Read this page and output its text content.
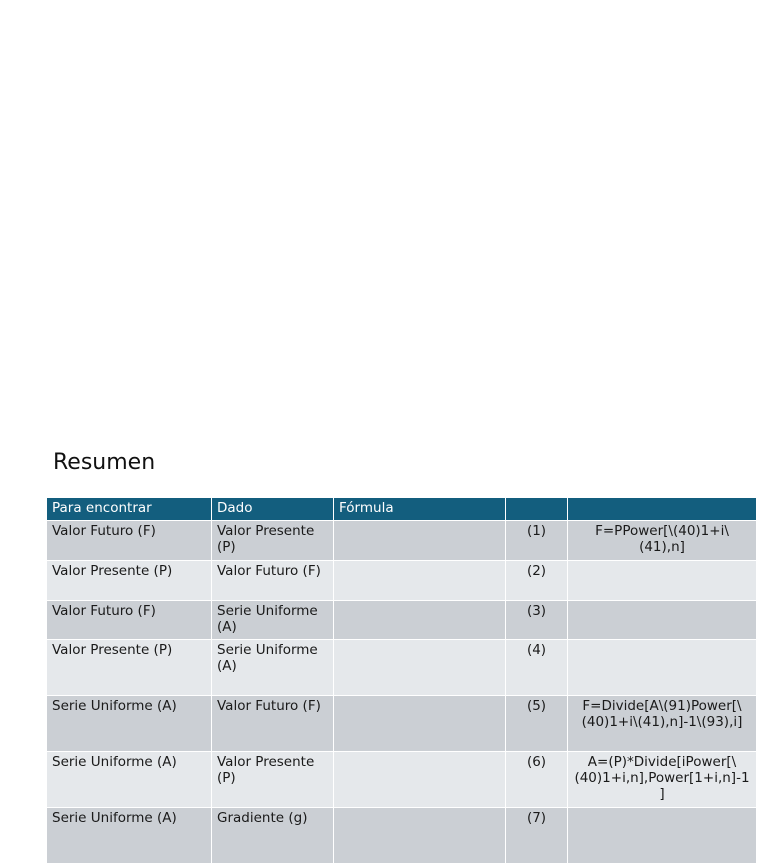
Resumen
Para encontrar	Dado	Fórmula		
Valor Futuro (F)	Valor Presente (P)		(1)	F=PPower[\(40)1+i\(41),n]
Valor Presente (P)	Valor Futuro (F)		(2)	
Valor Futuro (F)	Serie Uniforme (A)		(3)	
Valor Presente (P)	Serie Uniforme (A)		(4)	
Serie Uniforme (A)	Valor Futuro (F)		(5)	F=Divide[A\(91)Power[\(40)1+i\(41),n]-1\(93),i]
Serie Uniforme (A)	Valor Presente (P)		(6)	A=(P)*Divide[iPower[\(40)1+i,n],Power[1+i,n]-1]
Serie Uniforme (A)	Gradiente (g)		(7)	
